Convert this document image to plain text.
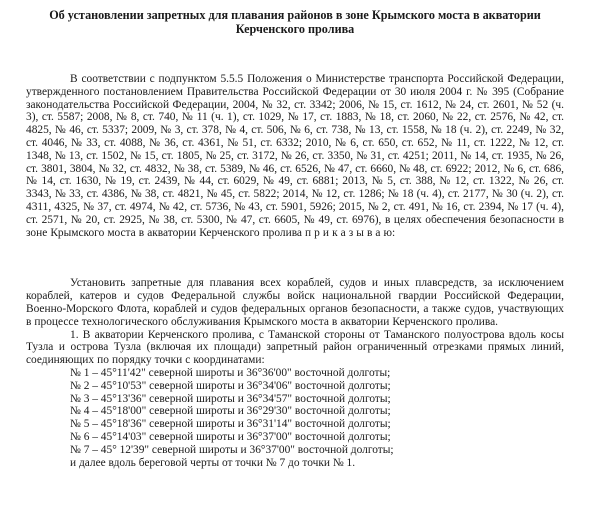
Об установлении запретных для плавания районов в зоне Крымского моста в акватории Керченского пролива

В соответствии с подпунктом 5.5.5 Положения о Министерстве транспорта Российской Федерации, утвержденного постановлением Правительства Российской Федерации от 30 июля 2004 г. № 395 (Собрание законодательства Российской Федерации, 2004, № 32, ст. 3342; 2006, № 15, ст. 1612, № 24, ст. 2601, № 52 (ч. 3), ст. 5587; 2008, № 8, ст. 740, № 11 (ч. 1), ст. 1029, № 17, ст. 1883, № 18, ст. 2060, № 22, ст. 2576, № 42, ст. 4825, № 46, ст. 5337; 2009, № 3, ст. 378, № 4, ст. 506, № 6, ст. 738, № 13, ст. 1558, № 18 (ч. 2), ст. 2249, № 32, ст. 4046, № 33, ст. 4088, № 36, ст. 4361, № 51, ст. 6332; 2010, № 6, ст. 650, ст. 652, № 11, ст. 1222, № 12, ст. 1348, № 13, ст. 1502, № 15, ст. 1805, № 25, ст. 3172, № 26, ст. 3350, № 31, ст. 4251; 2011, № 14, ст. 1935, № 26, ст. 3801, 3804, № 32, ст. 4832, № 38, ст. 5389, № 46, ст. 6526, № 47, ст. 6660, № 48, ст. 6922; 2012, № 6, ст. 686, № 14, ст. 1630, № 19, ст. 2439, № 44, ст. 6029, № 49, ст. 6881; 2013, № 5, ст. 388, № 12, ст. 1322, № 26, ст. 3343, № 33, ст. 4386, № 38, ст. 4821, № 45, ст. 5822; 2014, № 12, ст. 1286; № 18 (ч. 4), ст. 2177, № 30 (ч. 2), ст. 4311, 4325, № 37, ст. 4974, № 42, ст. 5736, № 43, ст. 5901, 5926; 2015, № 2, ст. 491, № 16, ст. 2394, № 17 (ч. 4), ст. 2571, № 20, ст. 2925, № 38, ст. 5300, № 47, ст. 6605, № 49, ст. 6976), в целях обеспечения безопасности в зоне Крымского моста в акватории Керченского пролива п р и к а з ы в а ю:

Установить запретные для плавания всех кораблей, судов и иных плавсредств, за исключением кораблей, катеров и судов Федеральной службы войск национальной гвардии Российской Федерации, Военно-Морского Флота, кораблей и судов федеральных органов безопасности, а также судов, участвующих в процессе технологического обслуживания Крымского моста в акватории Керченского пролива.

1. В акватории Керченского пролива, с Таманской стороны от Таманского полуострова вдоль косы Тузла и острова Тузла (включая их площади) запретный район ограниченный отрезками прямых линий, соединяющих по порядку точки с координатами:

№ 1 – 45°11'42" северной широты и 36°36'00" восточной долготы;
№ 2 – 45°10'53" северной широты и 36°34'06" восточной долготы;
№ 3 – 45°13'36" северной широты и 36°34'57" восточной долготы;
№ 4 – 45°18'00" северной широты и 36°29'30" восточной долготы;
№ 5 – 45°18'36" северной широты и 36°31'14" восточной долготы;
№ 6 – 45°14'03" северной широты и 36°37'00" восточной долготы;
№ 7 – 45° 12'39" северной широты и 36°37'00" восточной долготы;

и далее вдоль береговой черты от точки № 7 до точки № 1.
